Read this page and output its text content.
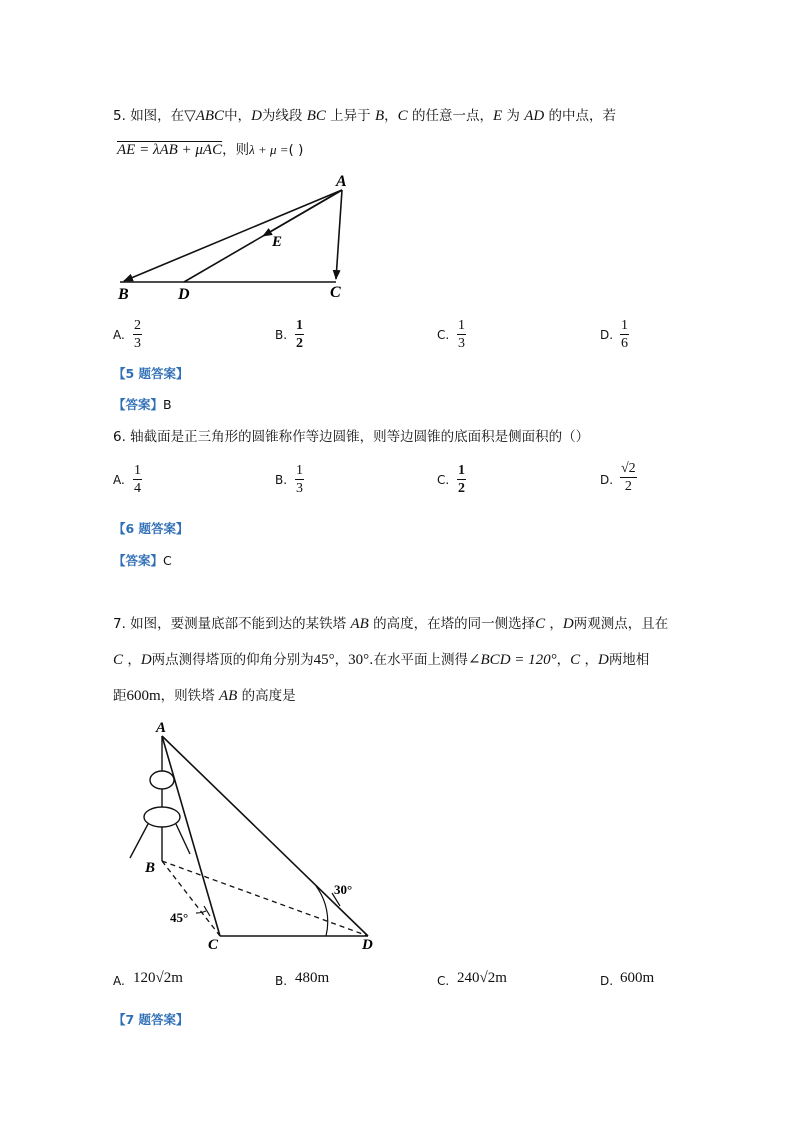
5. 如图，在▽ABC中，D为线段 BC 上异于 B，C 的任意一点，E 为 AD 的中点，若
AE = λAB + μAC，则λ + μ =( )
A
B	D	C
E
A.
2
3
B.
1
2
C.
1
3
D.
1
6
【5 题答案】
【答案】B
6. 轴截面是正三角形的圆锥称作等边圆锥，则等边圆锥的底面积是侧面积的（）
A.
1
4
B.
1
3
C.
1
2
D.
√2
2
【6 题答案】
【答案】C
7. 如图，要测量底部不能到达的某铁塔 AB 的高度，在塔的同一侧选择C ，D两观测点，且在
C ，D两点测得塔顶的仰角分别为45°，30°.在水平面上测得∠BCD = 120°，C ，D两地相
距600m，则铁塔 AB 的高度是
A
B
C	D
30°
45°
A. 120√2m	B. 480m	C. 240√2m	D. 600m
【7 题答案】
